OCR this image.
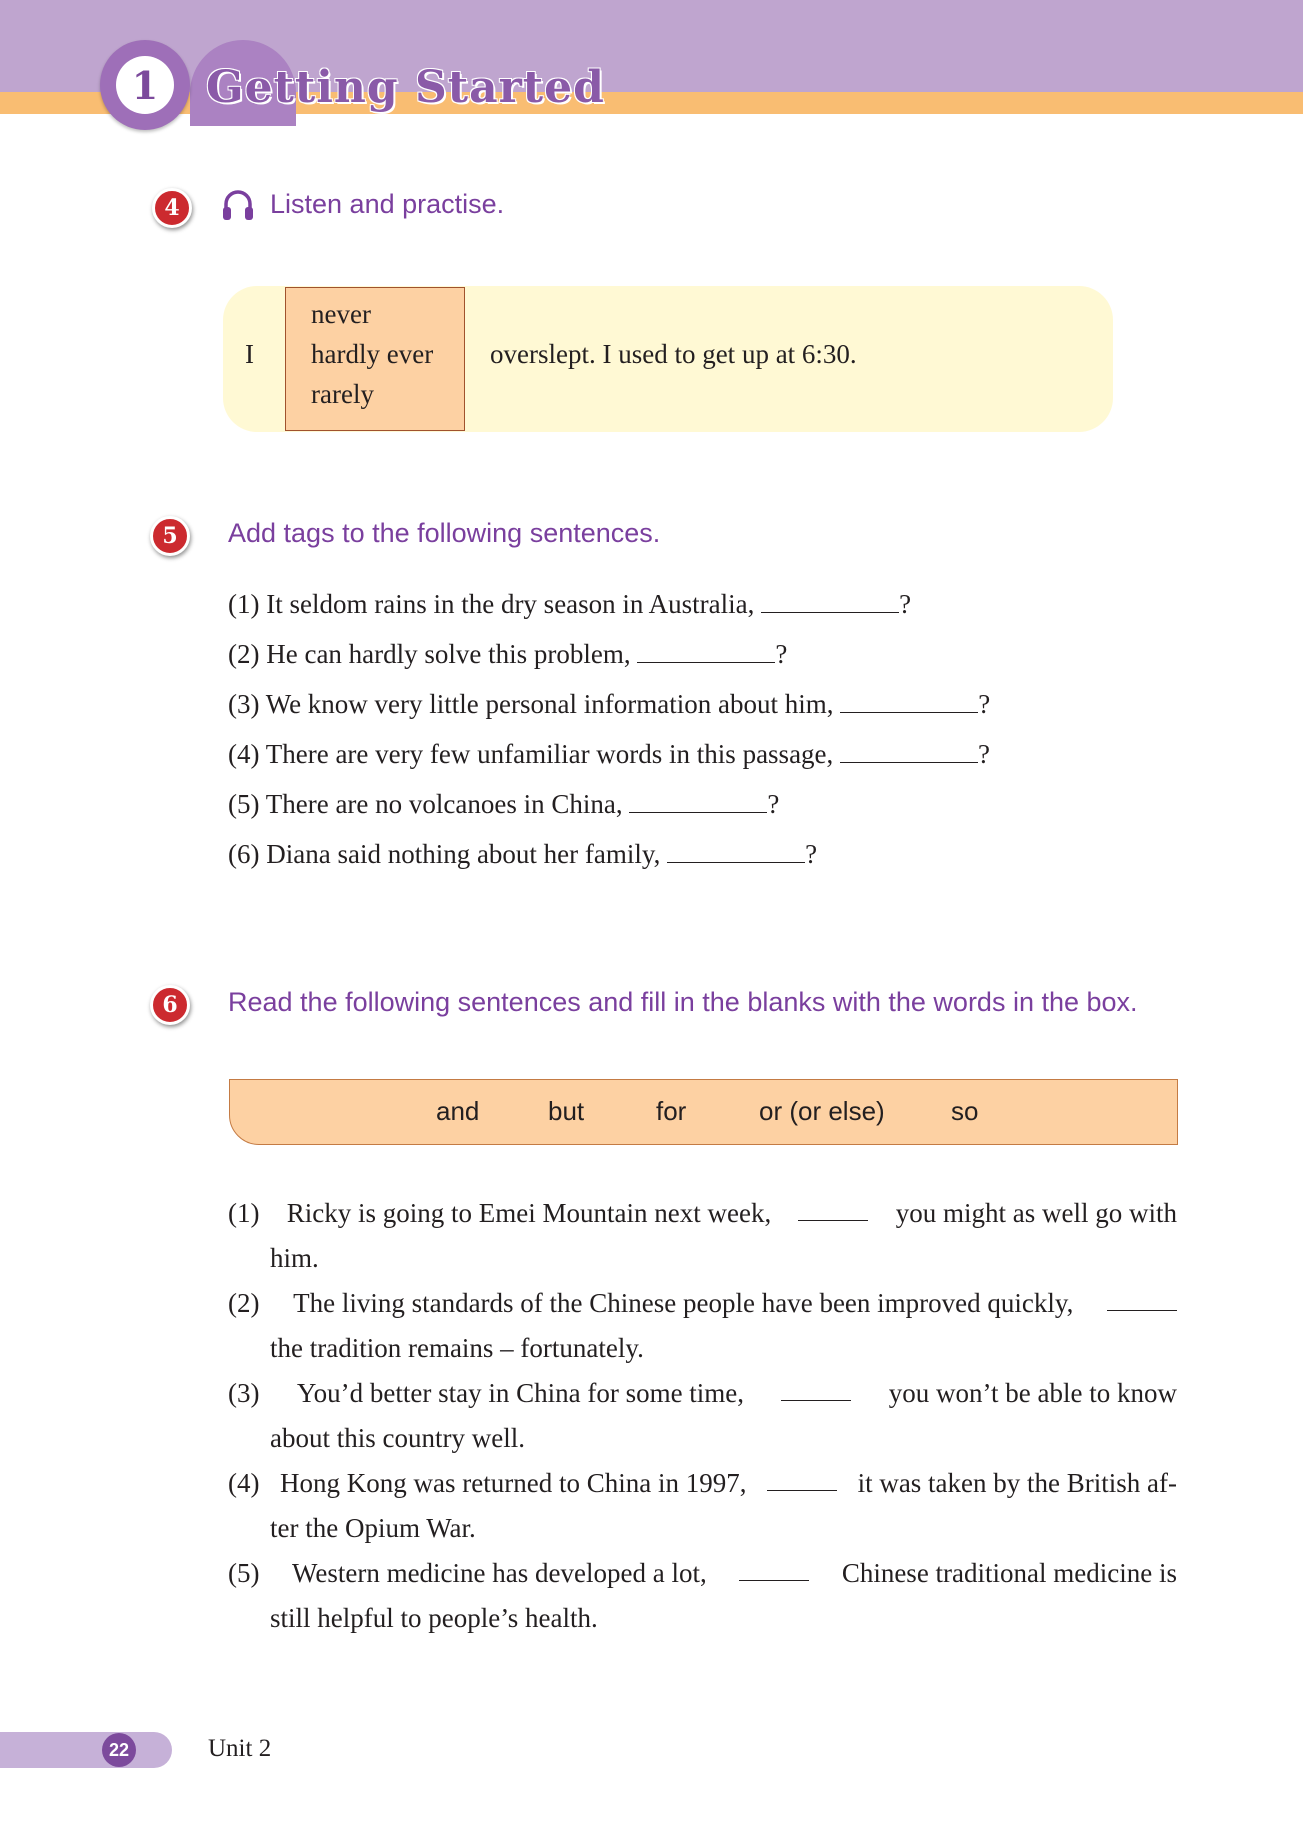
1	Getting Started
4	Listen and practise.
I
never
hardly ever
rarely
overslept. I used to get up at 6:30.
5	Add tags to the following sentences.
(1) It seldom rains in the dry season in Australia,	?
(2) He can hardly solve this problem,	?
(3) We know very little personal information about him,	?
(4) There are very few unfamiliar words in this passage,	?
(5) There are no volcanoes in China,	?
(6) Diana said nothing about her family,	?
6	Read the following sentences and fill in the blanks with the words in the box.
and	but	for	or (or else)	so
(1) Ricky is going to Emei Mountain next week,	you might as well go with
him.
(2) The living standards of the Chinese people have been improved quickly,
the tradition remains – fortunately.
(3) You’d better stay in China for some time,	you won’t be able to know
about this country well.
(4) Hong Kong was returned to China in 1997,	it was taken by the British af-
ter the Opium War.
(5) Western medicine has developed a lot,	Chinese traditional medicine is
still helpful to people’s health.
22	Unit 2
